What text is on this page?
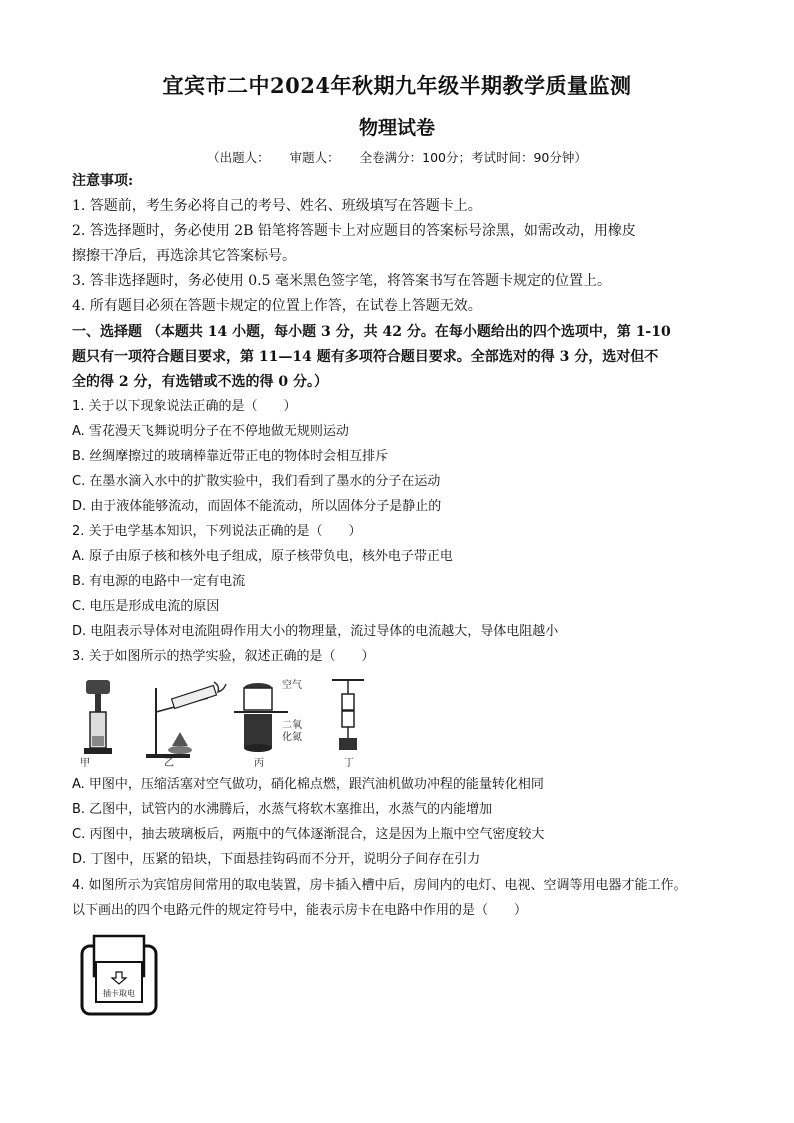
宜宾市二中2024年秋期九年级半期教学质量监测
物理试卷
（出题人： 审题人： 全卷满分：100分；考试时间：90分钟）
注意事项:
1. 答题前，考生务必将自己的考号、姓名、班级填写在答题卡上。
2. 答选择题时，务必使用 2B 铅笔将答题卡上对应题目的答案标号涂黑，如需改动，用橡皮
擦擦干净后，再选涂其它答案标号。
3. 答非选择题时，务必使用 0.5 毫米黑色签字笔，将答案书写在答题卡规定的位置上。
4. 所有题目必须在答题卡规定的位置上作答，在试卷上答题无效。
一、选择题 （本题共 14 小题，每小题 3 分，共 42 分。在每小题给出的四个选项中，第 1-10
题只有一项符合题目要求，第 11—14 题有多项符合题目要求。全部选对的得 3 分，选对但不
全的得 2 分，有选错或不选的得 0 分。）
1. 关于以下现象说法正确的是（　　）
A. 雪花漫天飞舞说明分子在不停地做无规则运动
B. 丝绸摩擦过的玻璃棒靠近带正电的物体时会相互排斥
C. 在墨水滴入水中的扩散实验中，我们看到了墨水的分子在运动
D. 由于液体能够流动，而固体不能流动，所以固体分子是静止的
2. 关于电学基本知识，下列说法正确的是（　　）
A. 原子由原子核和核外电子组成，原子核带负电，核外电子带正电
B. 有电源的电路中一定有电流
C. 电压是形成电流的原因
D. 电阻表示导体对电流阻碍作用大小的物理量，流过导体的电流越大，导体电阻越小
3. 关于如图所示的热学实验，叙述正确的是（　　）
空气
二氧
化氮
甲	乙	丙	丁
A. 甲图中，压缩活塞对空气做功，硝化棉点燃，跟汽油机做功冲程的能量转化相同
B. 乙图中，试管内的水沸腾后，水蒸气将软木塞推出，水蒸气的内能增加
C. 丙图中，抽去玻璃板后，两瓶中的气体逐渐混合，这是因为上瓶中空气密度较大
D. 丁图中，压紧的铅块，下面悬挂钩码而不分开，说明分子间存在引力
4. 如图所示为宾馆房间常用的取电装置，房卡插入槽中后，房间内的电灯、电视、空调等用电器才能工作。
以下画出的四个电路元件的规定符号中，能表示房卡在电路中作用的是（　　）
插卡取电
